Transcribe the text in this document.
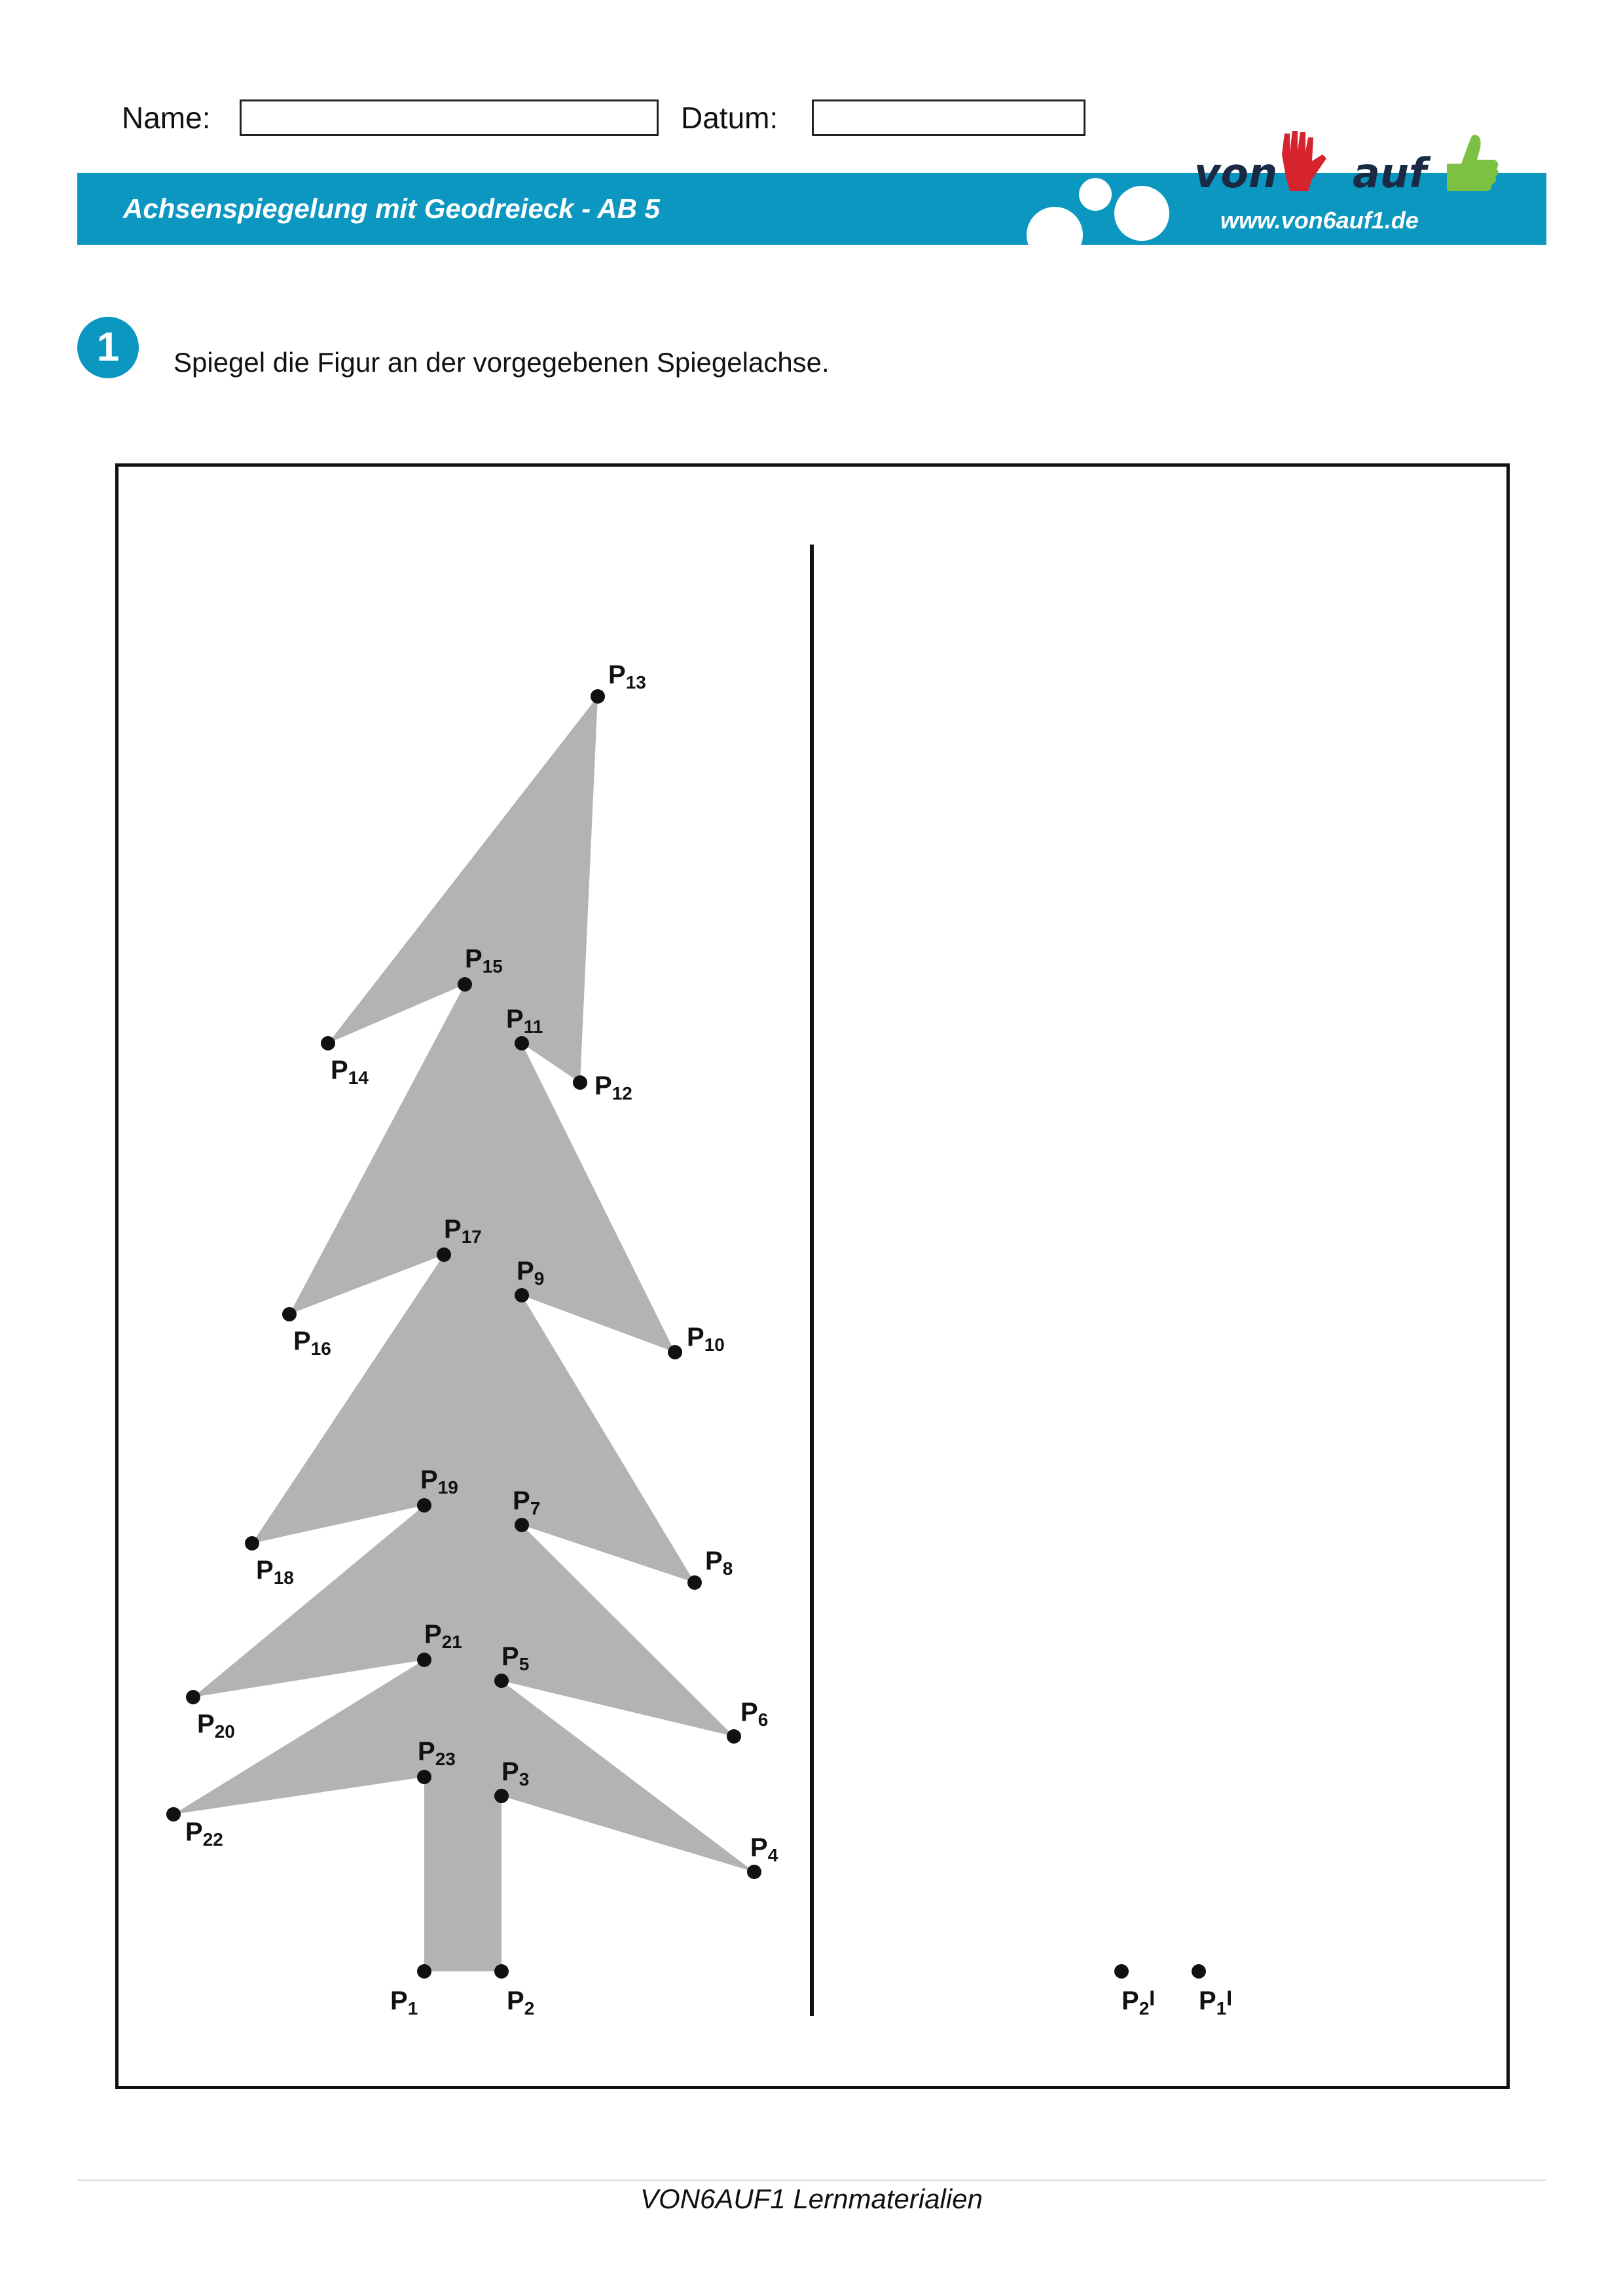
Name:	Datum:
Achsenspiegelung mit Geodreieck - AB 5
von auf
www.von6auf1.de
1	Spiegel die Figur an der vorgegebenen Spiegelachse.
$P_1$	$P_2$
$P_3$
$P_4$
$P_5$
$P_6$
$P_7$
$P_8$
$P_9$
$P_{10}$
$P_{11}$
$P_{12}$
$P_{13}$
$P_{14}$
$P_{15}$
$P_{16}$
$P_{17}$
$P_{18}$
$P_{19}$
$P_{20}$
$P_{21}$
$P_{22}$
$P_{23}$
$P_2^I$ $P_1^I$
VON6AUF1 Lernmaterialien
